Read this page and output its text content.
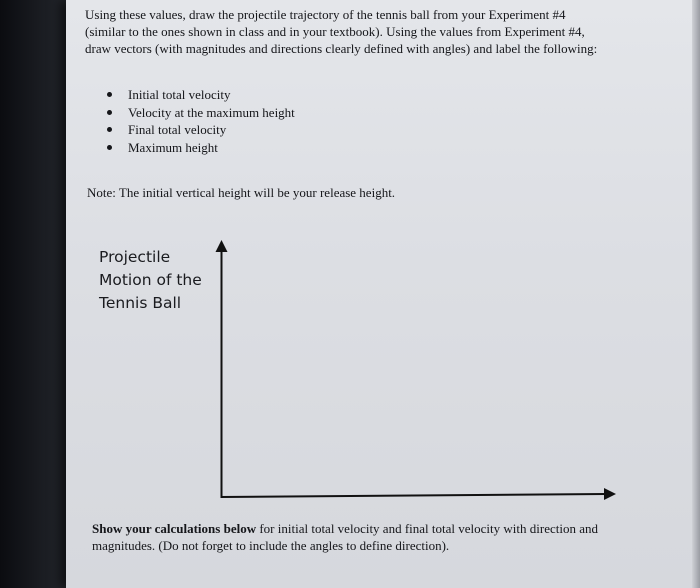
Using these values, draw the projectile trajectory of the tennis ball from your Experiment #4 (similar to the ones shown in class and in your textbook). Using the values from Experiment #4, draw vectors (with magnitudes and directions clearly defined with angles) and label the following:
Initial total velocity
Velocity at the maximum height
Final total velocity
Maximum height
Note: The initial vertical height will be your release height.
Projectile
Motion of the
Tennis Ball
Show your calculations below for initial total velocity and final total velocity with direction and magnitudes. (Do not forget to include the angles to define direction).
